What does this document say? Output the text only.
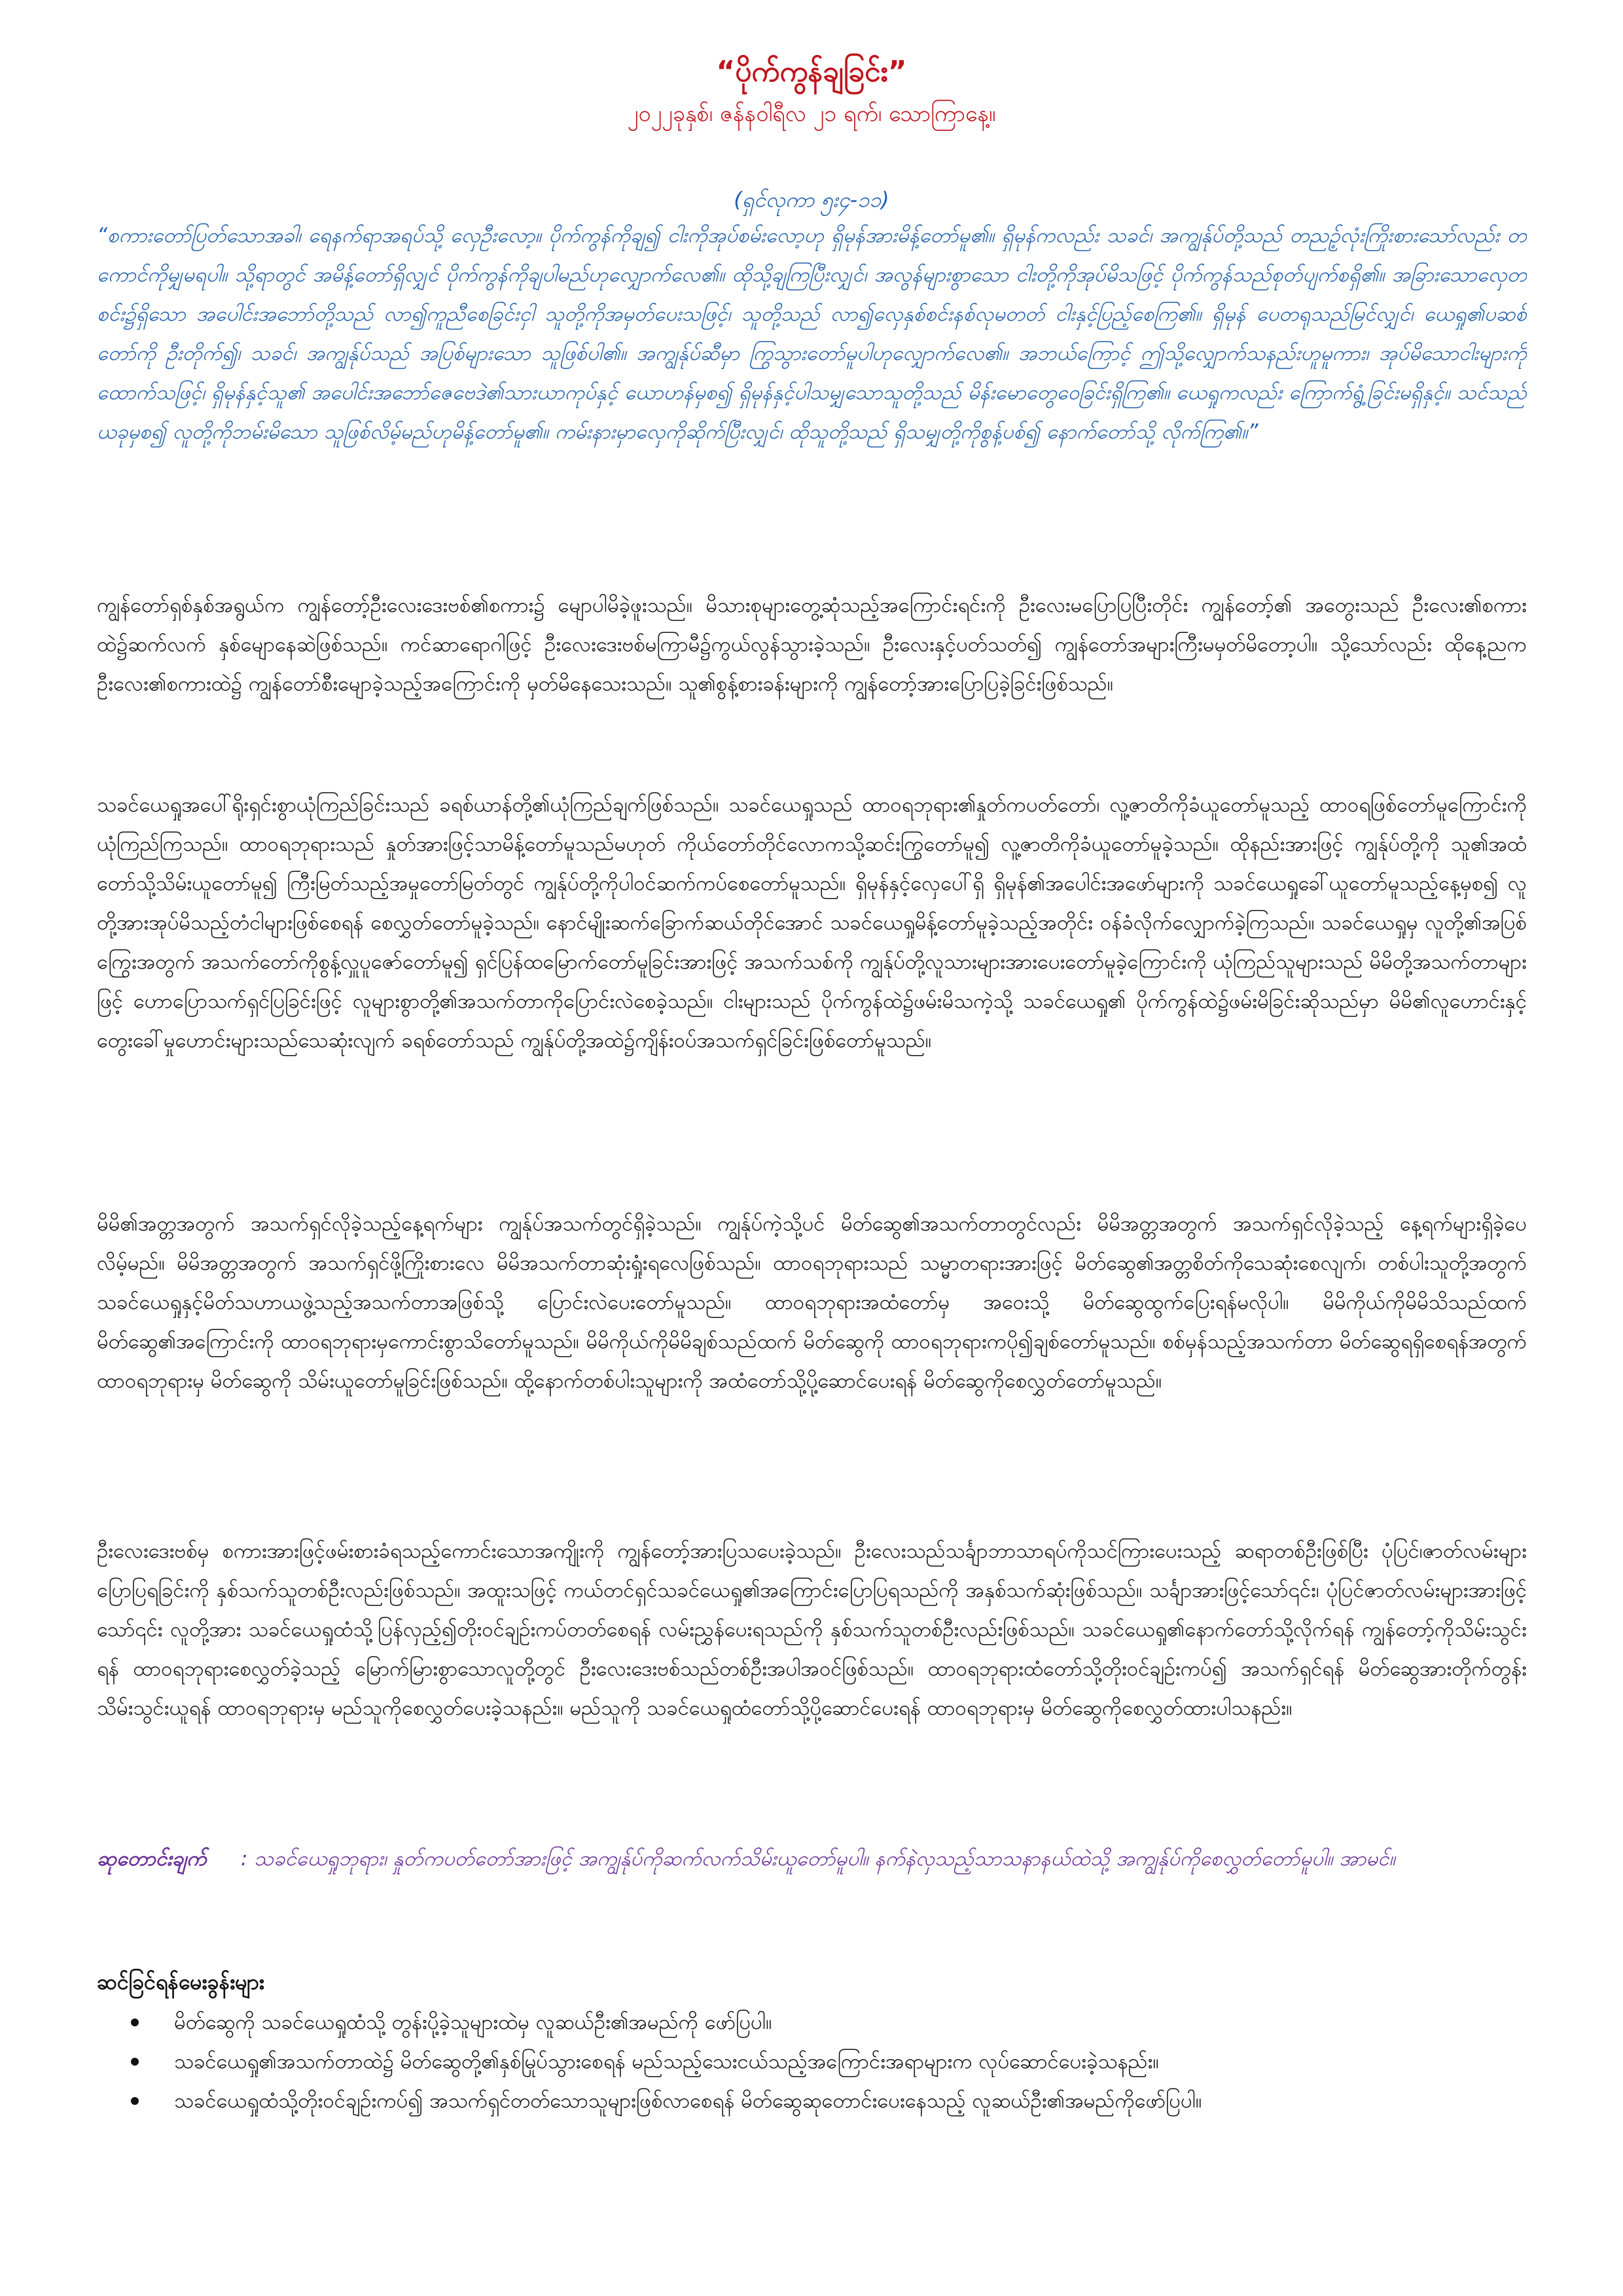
“ပိုက်ကွန်ချခြင်း”

၂၀၂၂ခုနှစ်၊ ဇန်နဝါရီလ ၂၁ ရက်၊ သောကြာနေ့။

(ရှင်လုကာ ၅း၄-၁၁)

“စကားတော်ပြတ်သောအခါ၊ ရေနက်ရာအရပ်သို့ လှေဦးလော့။ ပိုက်ကွန်ကိုချ၍ ငါးကိုအုပ်စမ်းလော့ဟု ရှိမုန်အားမိန့်တော်မူ၏။ ရှိမုန်ကလည်း သခင်၊ အကျွန်ုပ်တို့သည် တညဥ့်လုံးကြိုးစားသော်လည်း တကောင်ကိုမျှမရပါ။ သို့ရာတွင် အမိန့်တော်ရှိလျှင် ပိုက်ကွန်ကိုချပါမည်ဟုလျှောက်လေ၏။ ထိုသို့ချကြပြီးလျှင်၊ အလွန်များစွာသော ငါးတို့ကိုအုပ်မိသဖြင့် ပိုက်ကွန်သည်စုတ်ပျက်စရှိ၏။ အခြားသောလှေတစင်း၌ရှိသော အပေါင်းအဘော်တို့သည် လာ၍ကူညီစေခြင်းငှါ သူတို့ကိုအမှတ်ပေးသဖြင့်၊ သူတို့သည် လာ၍လှေနှစ်စင်းနစ်လုမတတ် ငါးနှင့်ပြည့်စေကြ၏။ ရှိမုန် ပေတရုသည်မြင်လျှင်၊ ယေရှု၏ပဆစ်တော်ကို ဦးတိုက်၍၊ သခင်၊ အကျွန်ုပ်သည် အပြစ်များသော သူဖြစ်ပါ၏။ အကျွန်ုပ်ဆီမှာ ကြွသွားတော်မူပါဟုလျှောက်လေ၏။ အဘယ်ကြောင့် ဤသို့လျှောက်သနည်းဟူမူကား၊ အုပ်မိသောငါးများကိုထောက်သဖြင့်၊ ရှိမုန်နှင့်သူ၏ အပေါင်းအဘော်ဇေဗေဒဲ၏သားယာကုပ်နှင့် ယောဟန်မှစ၍ ရှိမုန်နှင့်ပါသမျှသောသူတို့သည် မိန်းမောတွေဝေခြင်းရှိကြ၏။ ယေရှုကလည်း ကြောက်ရွံ့ခြင်းမရှိနှင့်။ သင်သည် ယခုမှစ၍ လူတို့ကိုဘမ်းမိသော သူဖြစ်လိမ့်မည်ဟုမိန့်တော်မူ၏။ ကမ်းနားမှာလှေကိုဆိုက်ပြီးလျှင်၊ ထိုသူတို့သည် ရှိသမျှတို့ကိုစွန့်ပစ်၍ နောက်တော်သို့ လိုက်ကြ၏။”

ကျွန်တော်ရှစ်နှစ်အရွယ်က ကျွန်တော့်ဦးလေးဒေးဗစ်၏စကား၌ မျောပါမိခဲ့ဖူးသည်။ မိသားစုများတွေ့ဆုံသည့်အကြောင်းရင်းကို ဦးလေးမပြောပြပြီးတိုင်း ကျွန်တော့်၏ အတွေးသည် ဦးလေး၏စကားထဲ၌ဆက်လက် နှစ်မျောနေဆဲဖြစ်သည်။ ကင်ဆာရောဂါဖြင့် ဦးလေးဒေးဗစ်မကြာမီ၌ကွယ်လွန်သွားခဲ့သည်။ ဦးလေးနှင့်ပတ်သတ်၍ ကျွန်တော်အများကြီးမမှတ်မိတော့ပါ။ သို့သော်လည်း ထိုနေ့ညက ဦးလေး၏စကားထဲ၌ ကျွန်တော်စီးမျောခဲ့သည့်အကြောင်းကို မှတ်မိနေသေးသည်။ သူ၏စွန့်စားခန်းများကို ကျွန်တော့်အားပြောပြခဲ့ခြင်းဖြစ်သည်။

သခင်ယေရှုအပေါ်ရိုးရှင်းစွာယုံကြည်ခြင်းသည် ခရစ်ယာန်တို့၏ယုံကြည်ချက်ဖြစ်သည်။ သခင်ယေရှုသည် ထာဝရဘုရား၏နှုတ်ကပတ်တော်၊ လူ့ဇာတိကိုခံယူတော်မူသည့် ထာဝရဖြစ်တော်မူကြောင်းကို ယုံကြည်ကြသည်။ ထာဝရဘုရားသည် နှုတ်အားဖြင့်သာမိန့်တော်မူသည်မဟုတ် ကိုယ်တော်တိုင်လောကသို့ဆင်းကြွတော်မူ၍ လူ့ဇာတိကိုခံယူတော်မူခဲ့သည်။ ထိုနည်းအားဖြင့် ကျွန်ုပ်တို့ကို သူ၏အထံတော်သို့သိမ်းယူတော်မူ၍ ကြီးမြတ်သည့်အမှုတော်မြတ်တွင် ကျွန်ုပ်တို့ကိုပါဝင်ဆက်ကပ်စေတော်မူသည်။ ရှိမုန်နှင့်လှေပေါ်ရှိ ရှိမုန်၏အပေါင်းအဖော်များကို သခင်ယေရှုခေါ်ယူတော်မူသည့်နေ့မှစ၍ လူတို့အားအုပ်မိသည့်တံငါများဖြစ်စေရန် စေလွှတ်တော်မူခဲ့သည်။ နောင်မျိုးဆက်ခြောက်ဆယ်တိုင်အောင် သခင်ယေရှုမိန့်တော်မူခဲ့သည့်အတိုင်း ဝန်ခံလိုက်လျှောက်ခဲ့ကြသည်။ သခင်ယေရှုမှ လူတို့၏အပြစ်ကြွေးအတွက် အသက်တော်ကိုစွန့်လှူပူဇော်တော်မူ၍ ရှင်ပြန်ထမြောက်တော်မူခြင်းအားဖြင့် အသက်သစ်ကို ကျွန်ုပ်တို့လူသားများအားပေးတော်မူခဲ့ကြောင်းကို ယုံကြည်သူများသည် မိမိတို့အသက်တာများဖြင့် ဟောပြောသက်ရှင်ပြခြင်းဖြင့် လူများစွာတို့၏အသက်တာကိုပြောင်းလဲစေခဲ့သည်။ ငါးများသည် ပိုက်ကွန်ထဲ၌ဖမ်းမိသကဲ့သို့ သခင်ယေရှု၏ ပိုက်ကွန်ထဲ၌ဖမ်းမိခြင်းဆိုသည်မှာ မိမိ၏လူဟောင်းနှင့်တွေးခေါ်မှုဟောင်းများသည်သေဆုံးလျက် ခရစ်တော်သည် ကျွန်ုပ်တို့အထဲ၌ကျိန်းဝပ်အသက်ရှင်ခြင်းဖြစ်တော်မူသည်။

မိမိ၏အတ္တအတွက် အသက်ရှင်လိုခဲ့သည့်နေ့ရက်များ ကျွန်ုပ်အသက်တွင်ရှိခဲ့သည်။ ကျွန်ုပ်ကဲ့သို့ပင် မိတ်ဆွေ၏အသက်တာတွင်လည်း မိမိအတ္တအတွက် အသက်ရှင်လိုခဲ့သည့် နေ့ရက်များရှိခဲ့ပေလိမ့်မည်။ မိမိအတ္တအတွက် အသက်ရှင်ဖို့ကြိုးစားလေ မိမိအသက်တာဆုံးရှုံးရလေဖြစ်သည်။ ထာဝရဘုရားသည် သမ္မာတရားအားဖြင့် မိတ်ဆွေ၏အတ္တစိတ်ကိုသေဆုံးစေလျက်၊ တစ်ပါးသူတို့အတွက် သခင်ယေရှုနှင့်မိတ်သဟာယဖွဲ့သည့်အသက်တာအဖြစ်သို့ ပြောင်းလဲပေးတော်မူသည်။ ထာဝရဘုရားအထံတော်မှ အဝေးသို့ မိတ်ဆွေထွက်ပြေးရန်မလိုပါ။ မိမိကိုယ်ကိုမိမိသိသည်ထက် မိတ်ဆွေ၏အကြောင်းကို ထာဝရဘုရားမှကောင်းစွာသိတော်မူသည်။ မိမိကိုယ်ကိုမိမိချစ်သည်ထက် မိတ်ဆွေကို ထာဝရဘုရားကပို၍ချစ်တော်မူသည်။ စစ်မှန်သည့်အသက်တာ မိတ်ဆွေရရှိစေရန်အတွက် ထာဝရဘုရားမှ မိတ်ဆွေကို သိမ်းယူတော်မူခြင်းဖြစ်သည်။ ထို့နောက်တစ်ပါးသူများကို အထံတော်သို့ပို့ဆောင်ပေးရန် မိတ်ဆွေကိုစေလွှတ်တော်မူသည်။

ဦးလေးဒေးဗစ်မှ စကားအားဖြင့်ဖမ်းစားခံရသည့်ကောင်းသောအကျိုးကို ကျွန်တော့်အားပြသပေးခဲ့သည်။ ဦးလေးသည်သင်္ချာဘာသာရပ်ကိုသင်ကြားပေးသည့် ဆရာတစ်ဦးဖြစ်ပြီး ပုံပြင်၊ဇာတ်လမ်းများပြောပြရခြင်းကို နှစ်သက်သူတစ်ဦးလည်းဖြစ်သည်။ အထူးသဖြင့် ကယ်တင်ရှင်သခင်ယေရှု၏အကြောင်းပြောပြရသည်ကို အနှစ်သက်ဆုံးဖြစ်သည်။ သင်္ချာအားဖြင့်သော်၎င်း၊ ပုံပြင်ဇာတ်လမ်းများအားဖြင့်သော်၎င်း လူတို့အား သခင်ယေရှုထံသို့ပြန်လှည့်၍တိုးဝင်ချဉ်းကပ်တတ်စေရန် လမ်းညွှန်ပေးရသည်ကို နှစ်သက်သူတစ်ဦးလည်းဖြစ်သည်။ သခင်ယေရှု၏နောက်တော်သို့လိုက်ရန် ကျွန်တော့်ကိုသိမ်းသွင်းရန် ထာဝရဘုရားစေလွှတ်ခဲ့သည့် မြောက်မြားစွာသောလူတို့တွင် ဦးလေးဒေးဗစ်သည်တစ်ဦးအပါအဝင်ဖြစ်သည်။ ထာဝရဘုရားထံတော်သို့တိုးဝင်ချဉ်းကပ်၍ အသက်ရှင်ရန် မိတ်ဆွေအားတိုက်တွန်းသိမ်းသွင်းယူရန် ထာဝရဘုရားမှ မည်သူကိုစေလွှတ်ပေးခဲ့သနည်း။ မည်သူကို သခင်ယေရှုထံတော်သို့ပို့ဆောင်ပေးရန် ထာဝရဘုရားမှ မိတ်ဆွေကိုစေလွှတ်ထားပါသနည်း။

ဆုတောင်းချက် : သခင်ယေရှုဘုရား၊ နှုတ်ကပတ်တော်အားဖြင့် အကျွန်ုပ်ကိုဆက်လက်သိမ်းယူတော်မူပါ။ နက်နဲလှသည့်သာသနာနယ်ထဲသို့ အကျွန်ုပ်ကိုစေလွှတ်တော်မူပါ။ အာမင်။

ဆင်ခြင်ရန်မေးခွန်းများ
မိတ်ဆွေကို သခင်ယေရှုထံသို့ တွန်းပို့ခဲ့သူများထဲမှ လူဆယ်ဦး၏အမည်ကို ဖော်ပြပါ။
သခင်ယေရှု၏အသက်တာထဲ၌ မိတ်ဆွေတို့၏နှစ်မြုပ်သွားစေရန် မည်သည့်သေးငယ်သည့်အကြောင်းအရာများက လုပ်ဆောင်ပေးခဲ့သနည်း။
သခင်ယေရှုထံသို့တိုးဝင်ချဉ်းကပ်၍ အသက်ရှင်တတ်သောသူများဖြစ်လာစေရန် မိတ်ဆွေဆုတောင်းပေးနေသည့် လူဆယ်ဦး၏အမည်ကိုဖော်ပြပါ။
